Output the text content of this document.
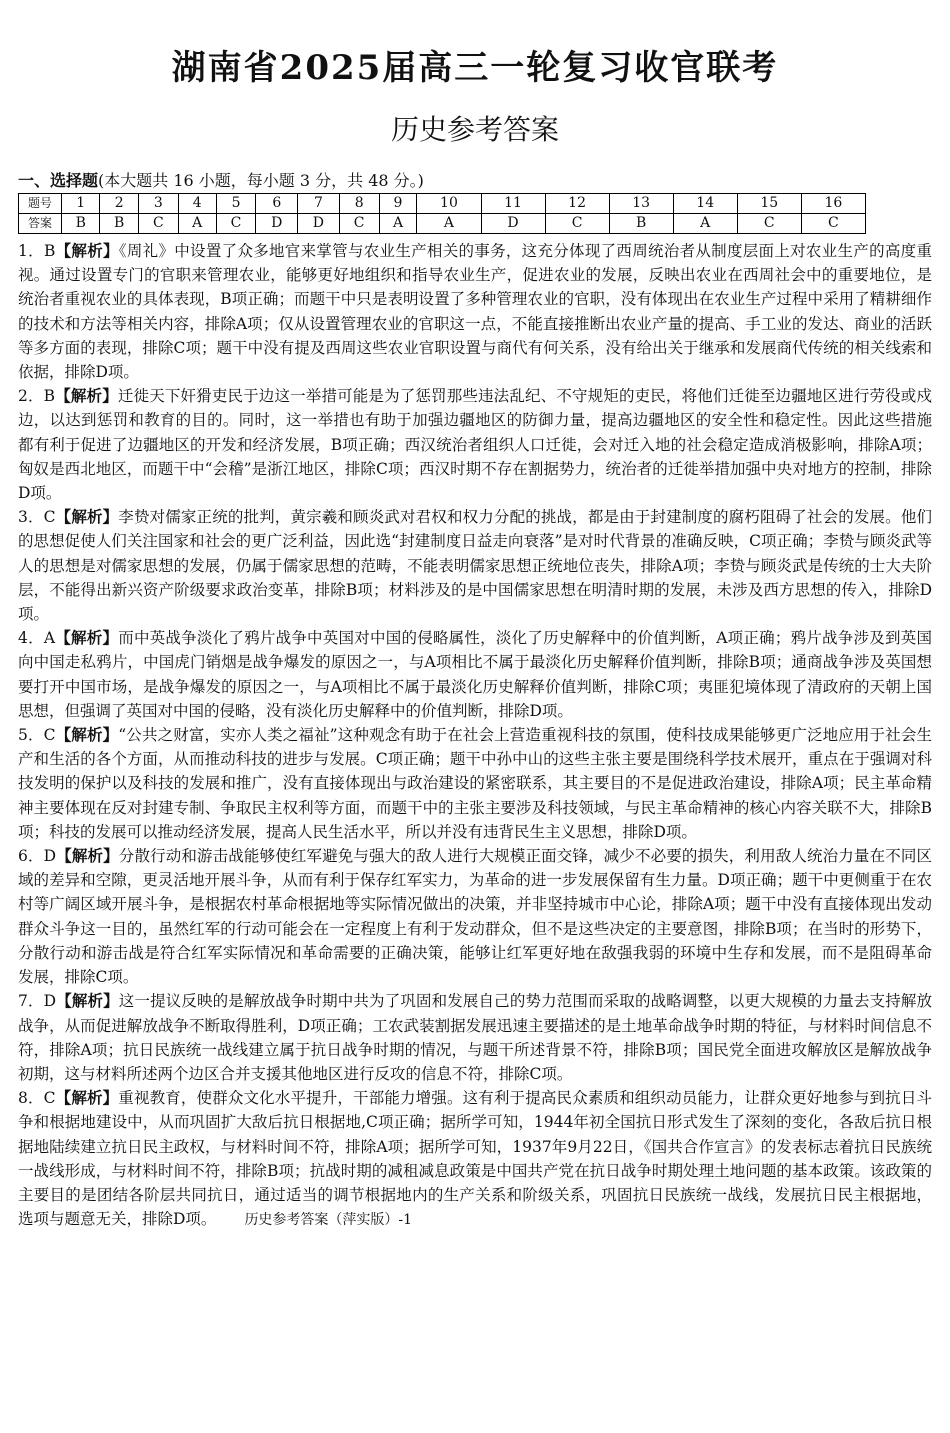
湖南省2025届高三一轮复习收官联考
历史参考答案
一、选择题(本大题共 16 小题，每小题 3 分，共 48 分。)
题号	1	2	3	4	5	6	7	8	9	10	11	12	13	14	15	16
答案	B	B	C	A	C	D	D	C	A	A	D	C	B	A	C	C

1．B【解析】《周礼》中设置了众多地官来掌管与农业生产相关的事务，这充分体现了西周统治者从制度层面上对农业生产的高度重视。通过设置专门的官职来管理农业，能够更好地组织和指导农业生产，促进农业的发展，反映出农业在西周社会中的重要地位，是统治者重视农业的具体表现，B项正确；而题干中只是表明设置了多种管理农业的官职，没有体现出在农业生产过程中采用了精耕细作的技术和方法等相关内容，排除A项；仅从设置管理农业的官职这一点，不能直接推断出农业产量的提高、手工业的发达、商业的活跃等多方面的表现，排除C项；题干中没有提及西周这些农业官职设置与商代有何关系，没有给出关于继承和发展商代传统的相关线索和依据，排除D项。

2．B【解析】迁徙天下奸猾吏民于边这一举措可能是为了惩罚那些违法乱纪、不守规矩的吏民，将他们迁徙至边疆地区进行劳役或戍边，以达到惩罚和教育的目的。同时，这一举措也有助于加强边疆地区的防御力量，提高边疆地区的安全性和稳定性。因此这些措施都有利于促进了边疆地区的开发和经济发展，B项正确；西汉统治者组织人口迁徙，会对迁入地的社会稳定造成消极影响，排除A项；匈奴是西北地区，而题干中“会稽”是浙江地区，排除C项；西汉时期不存在割据势力，统治者的迁徙举措加强中央对地方的控制，排除D项。

3．C【解析】李贽对儒家正统的批判，黄宗羲和顾炎武对君权和权力分配的挑战，都是由于封建制度的腐朽阻碍了社会的发展。他们的思想促使人们关注国家和社会的更广泛利益，因此选“封建制度日益走向衰落”是对时代背景的准确反映，C项正确；李贽与顾炎武等人的思想是对儒家思想的发展，仍属于儒家思想的范畴，不能表明儒家思想正统地位丧失，排除A项；李贽与顾炎武是传统的士大夫阶层，不能得出新兴资产阶级要求政治变革，排除B项；材料涉及的是中国儒家思想在明清时期的发展，未涉及西方思想的传入，排除D项。

4．A【解析】而中英战争淡化了鸦片战争中英国对中国的侵略属性，淡化了历史解释中的价值判断，A项正确；鸦片战争涉及到英国向中国走私鸦片，中国虎门销烟是战争爆发的原因之一，与A项相比不属于最淡化历史解释价值判断，排除B项；通商战争涉及英国想要打开中国市场，是战争爆发的原因之一，与A项相比不属于最淡化历史解释价值判断，排除C项；夷匪犯境体现了清政府的天朝上国思想，但强调了英国对中国的侵略，没有淡化历史解释中的价值判断，排除D项。

5．C【解析】“公共之财富，实亦人类之福祉”这种观念有助于在社会上营造重视科技的氛围，使科技成果能够更广泛地应用于社会生产和生活的各个方面，从而推动科技的进步与发展。C项正确；题干中孙中山的这些主张主要是围绕科学技术展开，重点在于强调对科技发明的保护以及科技的发展和推广，没有直接体现出与政治建设的紧密联系，其主要目的不是促进政治建设，排除A项；民主革命精神主要体现在反对封建专制、争取民主权利等方面，而题干中的主张主要涉及科技领域，与民主革命精神的核心内容关联不大，排除B项；科技的发展可以推动经济发展，提高人民生活水平，所以并没有违背民生主义思想，排除D项。

6．D【解析】分散行动和游击战能够使红军避免与强大的敌人进行大规模正面交锋，减少不必要的损失，利用敌人统治力量在不同区域的差异和空隙，更灵活地开展斗争，从而有利于保存红军实力，为革命的进一步发展保留有生力量。D项正确；题干中更侧重于在农村等广阔区域开展斗争，是根据农村革命根据地等实际情况做出的决策，并非坚持城市中心论，排除A项；题干中没有直接体现出发动群众斗争这一目的，虽然红军的行动可能会在一定程度上有利于发动群众，但不是这些决定的主要意图，排除B项；在当时的形势下，分散行动和游击战是符合红军实际情况和革命需要的正确决策，能够让红军更好地在敌强我弱的环境中生存和发展，而不是阻碍革命发展，排除C项。

7．D【解析】这一提议反映的是解放战争时期中共为了巩固和发展自己的势力范围而采取的战略调整，以更大规模的力量去支持解放战争，从而促进解放战争不断取得胜利，D项正确；工农武装割据发展迅速主要描述的是土地革命战争时期的特征，与材料时间信息不符，排除A项；抗日民族统一战线建立属于抗日战争时期的情况，与题干所述背景不符，排除B项；国民党全面进攻解放区是解放战争初期，这与材料所述两个边区合并支援其他地区进行反攻的信息不符，排除C项。

8．C【解析】重视教育，使群众文化水平提升，干部能力增强。这有利于提高民众素质和组织动员能力，让群众更好地参与到抗日斗争和根据地建设中，从而巩固扩大敌后抗日根据地,C项正确；据所学可知，1944年初全国抗日形式发生了深刻的变化，各敌后抗日根据地陆续建立抗日民主政权，与材料时间不符，排除A项；据所学可知，1937年9月22日，《国共合作宣言》的发表标志着抗日民族统一战线形成，与材料时间不符，排除B项；抗战时期的减租减息政策是中国共产党在抗日战争时期处理土地问题的基本政策。该政策的主要目的是团结各阶层共同抗日，通过适当的调节根据地内的生产关系和阶级关系，巩固抗日民族统一战线，发展抗日民主根据地，选项与题意无关，排除D项。 历史参考答案（萍实版）-1
